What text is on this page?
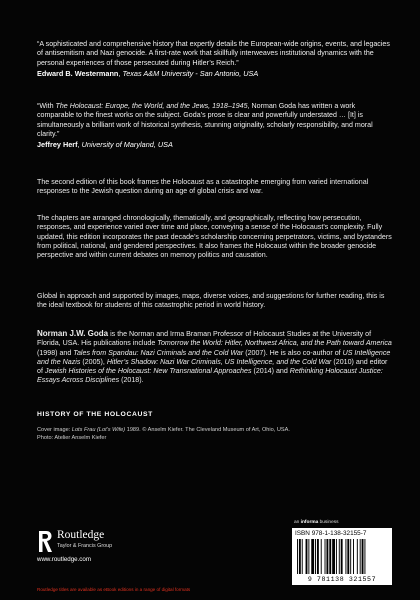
“A sophisticated and comprehensive history that expertly details the European-wide origins, events, and legacies of antisemitism and Nazi genocide. A first-rate work that skillfully interweaves institutional dynamics with the personal experiences of those persecuted during Hitler’s Reich.”

Edward B. Westermann, Texas A&M University - San Antonio, USA

“With The Holocaust: Europe, the World, and the Jews, 1918–1945, Norman Goda has written a work comparable to the finest works on the subject. Goda’s prose is clear and powerfully understated … [It] is simultaneously a brilliant work of historical synthesis, stunning originality, scholarly responsibility, and moral clarity.”

Jeffrey Herf, University of Maryland, USA

The second edition of this book frames the Holocaust as a catastrophe emerging from varied international responses to the Jewish question during an age of global crisis and war.

The chapters are arranged chronologically, thematically, and geographically, reflecting how persecution, responses, and experience varied over time and place, conveying a sense of the Holocaust’s complexity. Fully updated, this edition incorporates the past decade’s scholarship concerning perpetrators, victims, and bystanders from political, national, and gendered perspectives. It also frames the Holocaust within the broader genocide perspective and within current debates on memory politics and causation.

Global in approach and supported by images, maps, diverse voices, and suggestions for further reading, this is the ideal textbook for students of this catastrophic period in world history.

Norman J.W. Goda is the Norman and Irma Braman Professor of Holocaust Studies at the University of Florida, USA. His publications include Tomorrow the World: Hitler, Northwest Africa, and the Path toward America (1998) and Tales from Spandau: Nazi Criminals and the Cold War (2007). He is also co-author of US Intelligence and the Nazis (2005), Hitler’s Shadow: Nazi War Criminals, US Intelligence, and the Cold War (2010) and editor of Jewish Histories of the Holocaust: New Transnational Approaches (2014) and Rethinking Holocaust Justice: Essays Across Disciplines (2018).

HISTORY OF THE HOLOCAUST

Cover image: Lots Frau (Lot’s Wife) 1989. © Anselm Kiefer. The Cleveland Museum of Art, Ohio, USA. Photo: Atelier Anselm Kiefer

Routledge
Taylor & Francis Group
www.routledge.com

an informa business

ISBN 978-1-138-32155-7
9 781138 321557

Routledge titles are available as eBook editions in a range of digital formats
